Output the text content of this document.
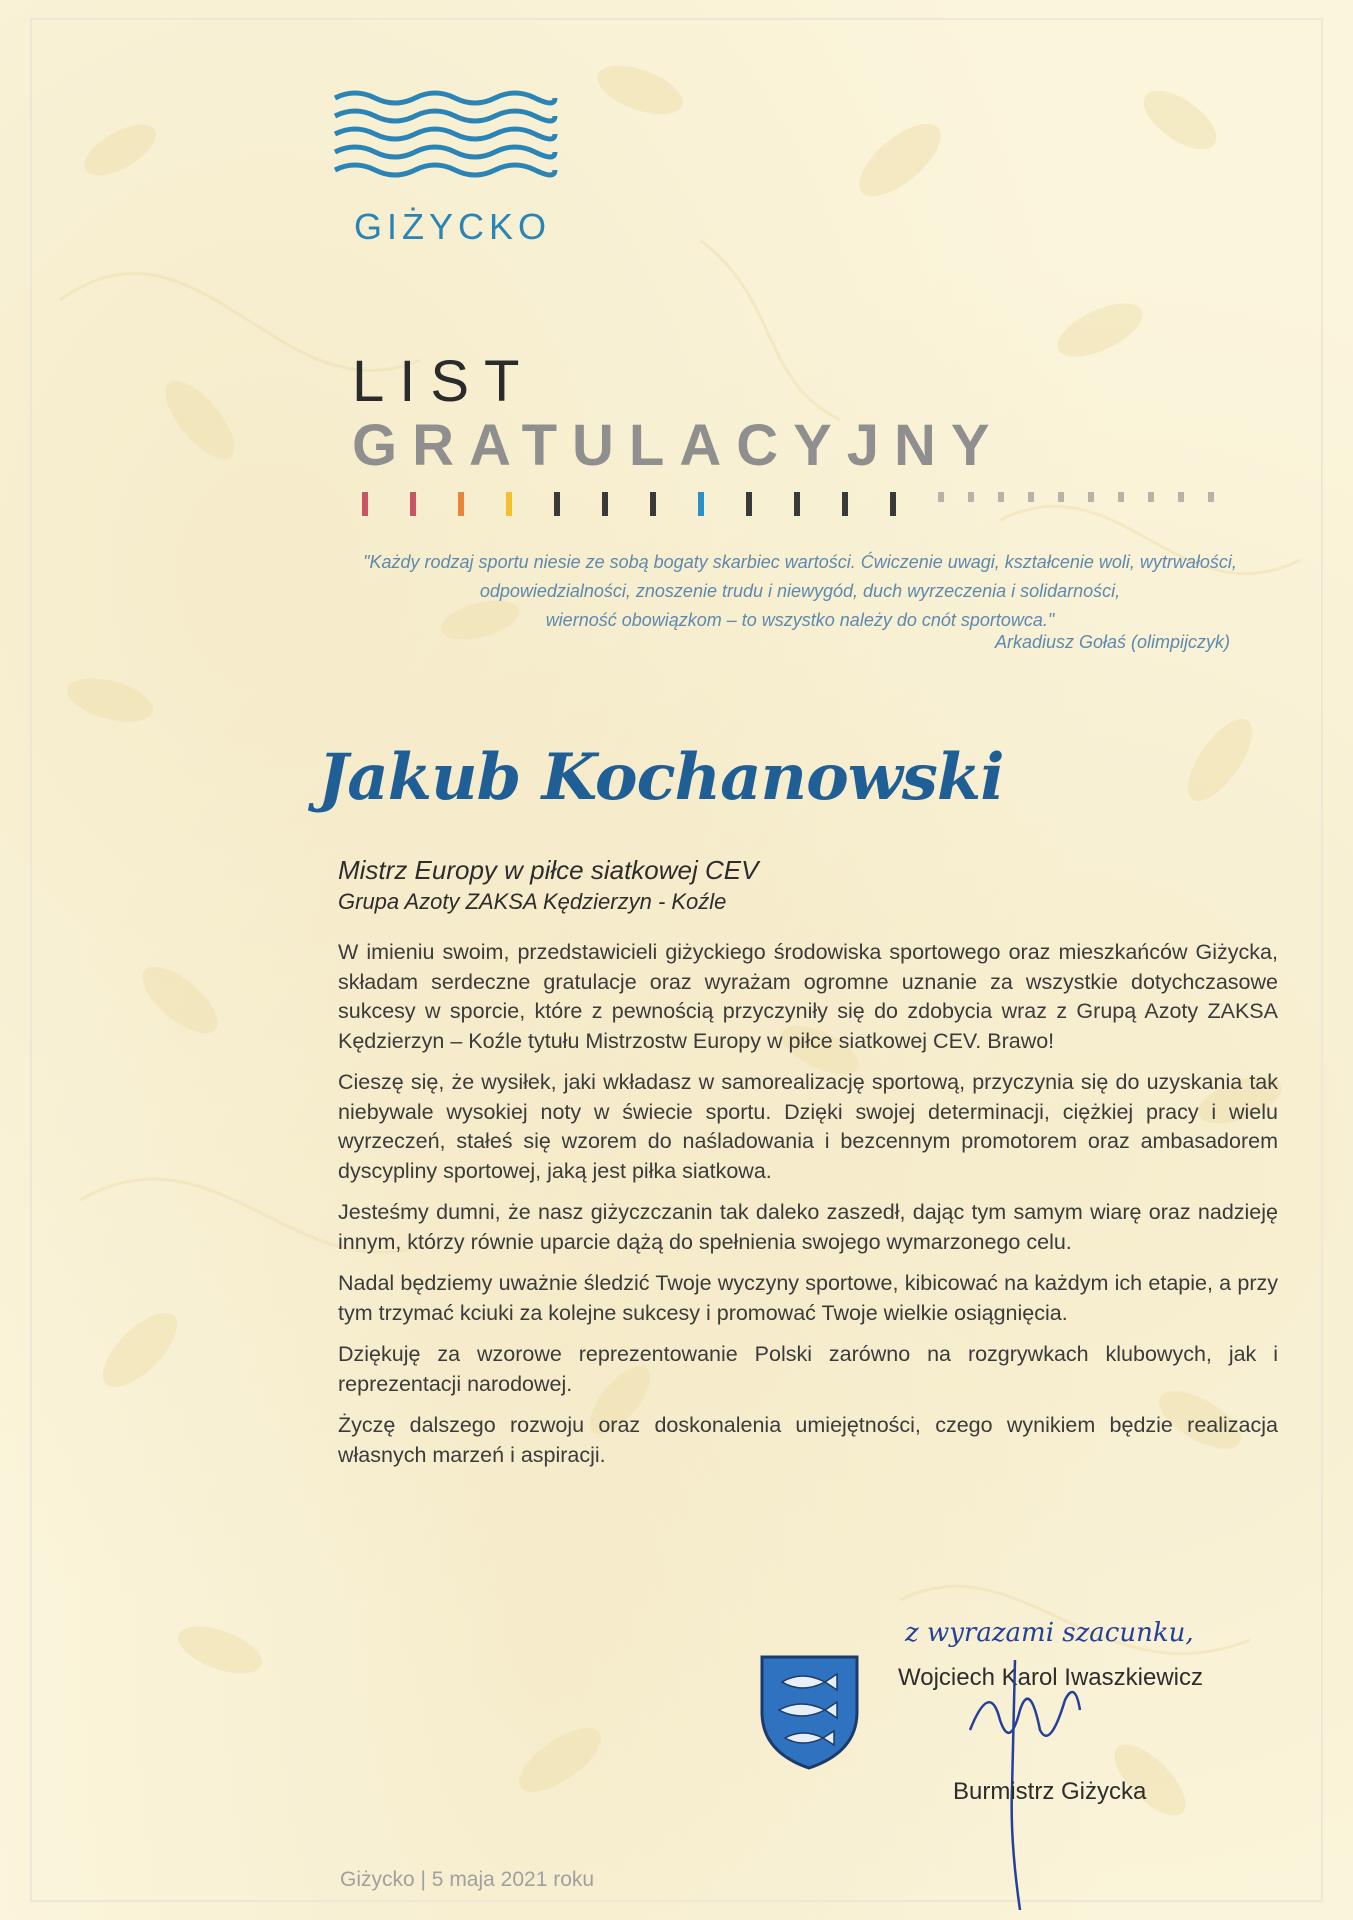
GIŻYCKO
LIST
GRATULACYJNY
"Każdy rodzaj sportu niesie ze sobą bogaty skarbiec wartości. Ćwiczenie uwagi, kształcenie woli, wytrwałości,
odpowiedzialności, znoszenie trudu i niewygód, duch wyrzeczenia i solidarności,
wierność obowiązkom – to wszystko należy do cnót sportowca."
Arkadiusz Gołaś (olimpijczyk)
Jakub Kochanowski
Mistrz Europy w piłce siatkowej CEV
Grupa Azoty ZAKSA Kędzierzyn - Koźle

W imieniu swoim, przedstawicieli giżyckiego środowiska sportowego oraz mieszkańców Giżycka, składam serdeczne gratulacje oraz wyrażam ogromne uznanie za wszystkie dotychczasowe sukcesy w sporcie, które z pewnością przyczyniły się do zdobycia wraz z Grupą Azoty ZAKSA Kędzierzyn – Koźle tytułu Mistrzostw Europy w piłce siatkowej CEV. Brawo!

Cieszę się, że wysiłek, jaki wkładasz w samorealizację sportową, przyczynia się do uzyskania tak niebywale wysokiej noty w świecie sportu. Dzięki swojej determinacji, ciężkiej pracy i wielu wyrzeczeń, stałeś się wzorem do naśladowania i bezcennym promotorem oraz ambasadorem dyscypliny sportowej, jaką jest piłka siatkowa.

Jesteśmy dumni, że nasz giżyczczanin tak daleko zaszedł, dając tym samym wiarę oraz nadzieję innym, którzy równie uparcie dążą do spełnienia swojego wymarzonego celu.

Nadal będziemy uważnie śledzić Twoje wyczyny sportowe, kibicować na każdym ich etapie, a przy tym trzymać kciuki za kolejne sukcesy i promować Twoje wielkie osiągnięcia.

Dziękuję za wzorowe reprezentowanie Polski zarówno na rozgrywkach klubowych, jak i reprezentacji narodowej.

Życzę dalszego rozwoju oraz doskonalenia umiejętności, czego wynikiem będzie realizacja własnych marzeń i aspiracji.

z wyrazami szacunku,
Wojciech Karol Iwaszkiewicz
Burmistrz Giżycka
Giżycko | 5 maja 2021 roku
